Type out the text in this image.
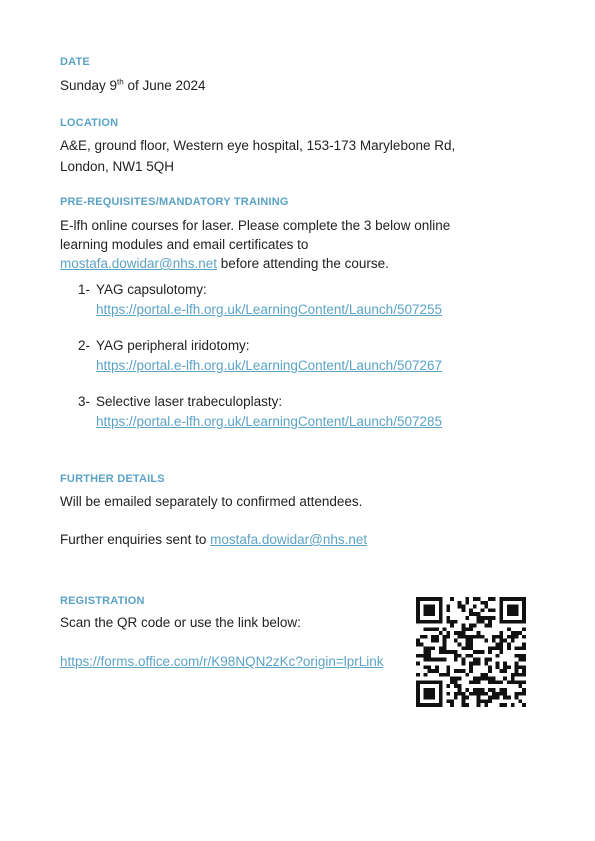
DATE
Sunday 9th of June 2024
LOCATION
A&E, ground floor, Western eye hospital, 153-173 Marylebone Rd,
London, NW1 5QH
PRE-REQUISITES/MANDATORY TRAINING
E-lfh online courses for laser. Please complete the 3 below online
learning modules and email certificates to
mostafa.dowidar@nhs.net before attending the course.
1- YAG capsulotomy:
https://portal.e-lfh.org.uk/LearningContent/Launch/507255
2- YAG peripheral iridotomy:
https://portal.e-lfh.org.uk/LearningContent/Launch/507267
3- Selective laser trabeculoplasty:
https://portal.e-lfh.org.uk/LearningContent/Launch/507285
FURTHER DETAILS
Will be emailed separately to confirmed attendees.
Further enquiries sent to mostafa.dowidar@nhs.net
REGISTRATION
Scan the QR code or use the link below:
https://forms.office.com/r/K98NQN2zKc?origin=lprLink
